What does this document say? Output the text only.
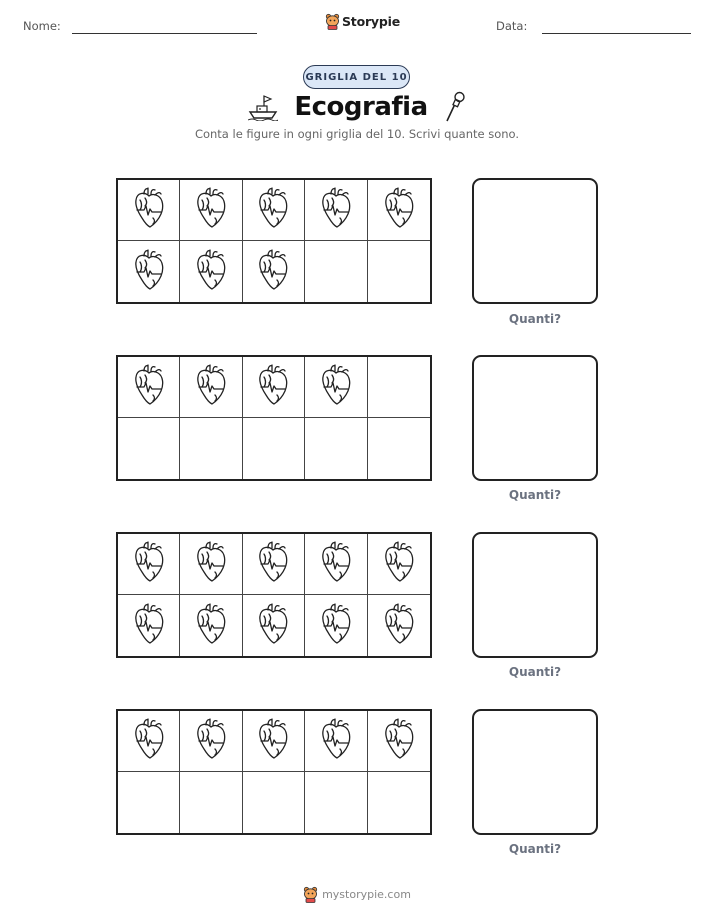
Nome:	Storypie	Data:
GRIGLIA DEL 10
Ecografia
Conta le figure in ogni griglia del 10. Scrivi quante sono.
Quanti?
Quanti?
Quanti?
Quanti?
mystorypie.com
